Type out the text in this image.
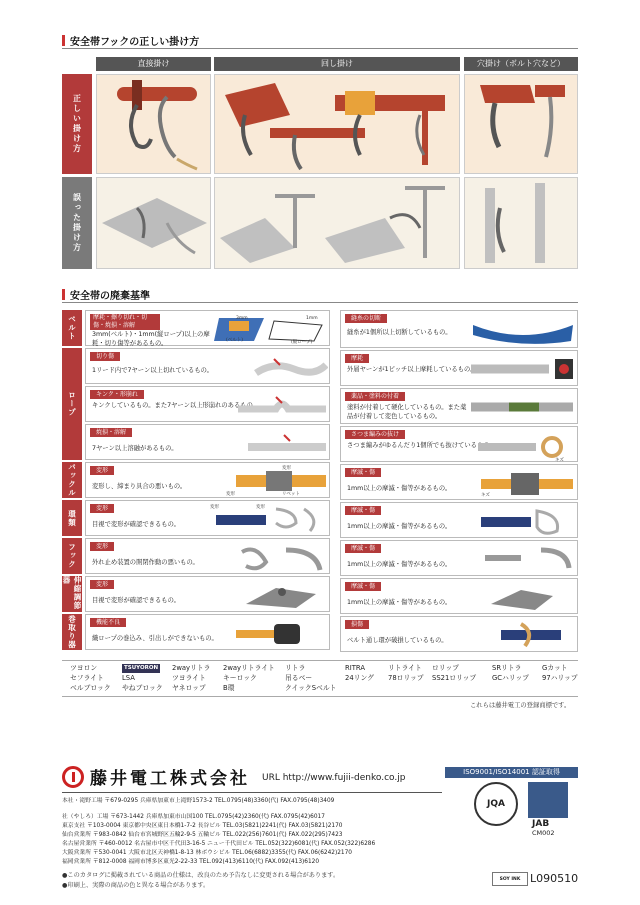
安全帯フックの正しい掛け方
直接掛け	回し掛け	穴掛け（ボルト穴など）
正しい掛け方
誤った掛け方
安全帯の廃棄基準
ベルト	摩耗・擦り切れ・切傷・焼損・溶解
3mm(ベルト)・1mm(縦ロープ)以上の摩耗・切り傷等があるもの。	(ベルト)
3mm	1mm
(縦ロープ)
ロープ
切り傷
1リード内で7ヤーン以上切れているもの。
キンク・形崩れ
キンクしているもの。また7ヤーン以上形崩れのあるもの。
焼損・溶解
7ヤーン以上溶融があるもの。
バックル	変形
変形し、締まり具合の悪いもの。
変形
変形	リベット
環類
変形
目視で変形が確認できるもの。
変形	変形
フック	変形
外れ止め装置の開閉作動の悪いもの。
伸縮調節器	変形
目視で変形が確認できるもの。
巻取り器	機能不良
織ロープの巻込み、引出しができないもの。
縫糸の切断
縫糸が1個所以上切断しているもの。
摩耗
外層ヤーンが1ピッチ以上摩耗しているもの。
薬品・塗料の付着
塗料が付着して硬化しているもの。また薬品が付着して変色しているもの。
さつま編みの抜け
さつま編みがゆるんだり1個所でも抜けているもの。
キズ
摩滅・傷
1mm以上の摩滅・傷等があるもの。
キズ
摩滅・傷
1mm以上の摩滅・傷等があるもの。
摩滅・傷
1mm以上の摩滅・傷等があるもの。
摩滅・傷
1mm以上の摩滅・傷等があるもの。
損傷
ベルト通し環が破損しているもの。
ツヨロン	TSUYORON 2wayリトラ 2wayリトライト リトラ	RITRA	リトライト ロリップ	SRリトラ	Gカット
セフライト	LSA	ツヨライト	キーロック	吊るべー	24リング 78ロリップ SS21ロリップ GCハリップ 97ハリップ
ベルブロック やねブロック ヤネロップ	B環	クイックSベルト
これらは藤井電工の登録商標です。
藤井電工株式会社 URL http://www.fujii-denko.co.jp
ISO9001/ISO14001 認証取得
本社・滝野工場 〒679-0295 兵庫県加東市上滝野1573-2 TEL.0795(48)3360(代) FAX.0795(48)3409
社（やしろ）工場 〒673-1442 兵庫県加東市山国100 TEL.0795(42)2360(代) FAX.0795(42)6017
東京支社 〒103-0004 東京都中央区東日本橋1-7-2 長谷ビル TEL.03(5821)2241(代) FAX.03(5821)2170
仙台営業所 〒983-0842 仙台市宮城野区五輪2-9-5 五輪ビル TEL.022(256)7601(代) FAX.022(295)7423
名古屋営業所 〒460-0012 名古屋市中区千代田3-16-5 ニュー千代田ビル TEL.052(322)6081(代) FAX.052(322)6286
大阪営業所 〒530-0041 大阪市北区天神橋1-8-13 林ボウシビル TEL.06(6882)3355(代) FAX.06(6242)2170
福岡営業所 〒812-0008 福岡市博多区東光2-22-33 TEL.092(413)6110(代) FAX.092(413)6120
●このカタログに掲載されている商品の仕様は、改良のため予告なしに変更される場合があります。
●印刷上、実際の商品の色と異なる場合があります。
JQA
JAB
CM002
SOY INK L090510
